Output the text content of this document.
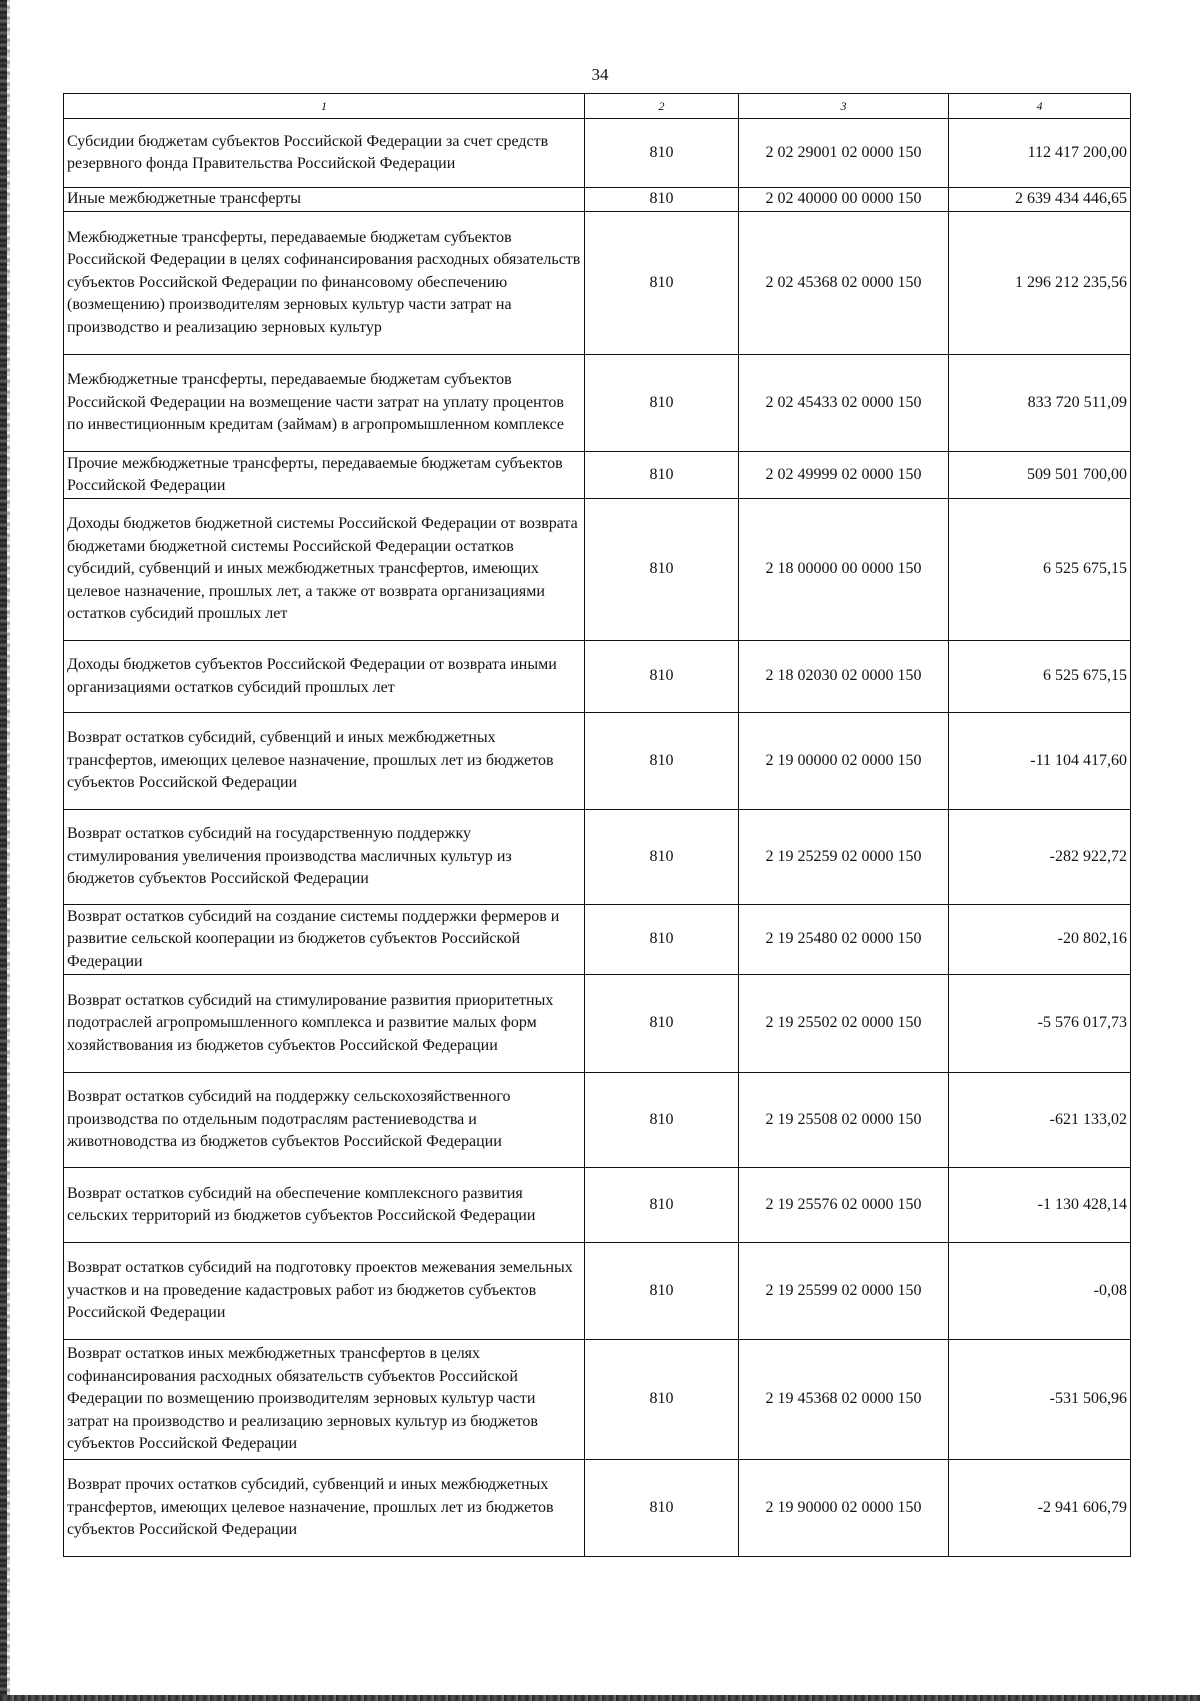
34
1	2	3	4
Субсидии бюджетам субъектов Российской Федерации за счет средств резервного фонда Правительства Российской Федерации	810	2 02 29001 02 0000 150	112 417 200,00
Иные межбюджетные трансферты	810	2 02 40000 00 0000 150	2 639 434 446,65
Межбюджетные трансферты, передаваемые бюджетам субъектов Российской Федерации в целях софинансирования расходных обязательств субъектов Российской Федерации по финансовому обеспечению (возмещению) производителям зерновых культур части затрат на производство и реализацию зерновых культур	810	2 02 45368 02 0000 150	1 296 212 235,56
Межбюджетные трансферты, передаваемые бюджетам субъектов Российской Федерации на возмещение части затрат на уплату процентов по инвестиционным кредитам (займам) в агропромышленном комплексе	810	2 02 45433 02 0000 150	833 720 511,09
Прочие межбюджетные трансферты, передаваемые бюджетам субъектов Российской Федерации	810	2 02 49999 02 0000 150	509 501 700,00
Доходы бюджетов бюджетной системы Российской Федерации от возврата бюджетами бюджетной системы Российской Федерации остатков субсидий, субвенций и иных межбюджетных трансфертов, имеющих целевое назначение, прошлых лет, а также от возврата организациями остатков субсидий прошлых лет	810	2 18 00000 00 0000 150	6 525 675,15
Доходы бюджетов субъектов Российской Федерации от возврата иными организациями остатков субсидий прошлых лет	810	2 18 02030 02 0000 150	6 525 675,15
Возврат остатков субсидий, субвенций и иных межбюджетных трансфертов, имеющих целевое назначение, прошлых лет из бюджетов субъектов Российской Федерации	810	2 19 00000 02 0000 150	-11 104 417,60
Возврат остатков субсидий на государственную поддержку стимулирования увеличения производства масличных культур из бюджетов субъектов Российской Федерации	810	2 19 25259 02 0000 150	-282 922,72
Возврат остатков субсидий на создание системы поддержки фермеров и развитие сельской кооперации из бюджетов субъектов Российской Федерации	810	2 19 25480 02 0000 150	-20 802,16
Возврат остатков субсидий на стимулирование развития приоритетных подотраслей агропромышленного комплекса и развитие малых форм хозяйствования из бюджетов субъектов Российской Федерации	810	2 19 25502 02 0000 150	-5 576 017,73
Возврат остатков субсидий на поддержку сельскохозяйственного производства по отдельным подотраслям растениеводства и животноводства из бюджетов субъектов Российской Федерации	810	2 19 25508 02 0000 150	-621 133,02
Возврат остатков субсидий на обеспечение комплексного развития сельских территорий из бюджетов субъектов Российской Федерации	810	2 19 25576 02 0000 150	-1 130 428,14
Возврат остатков субсидий на подготовку проектов межевания земельных участков и на проведение кадастровых работ из бюджетов субъектов Российской Федерации	810	2 19 25599 02 0000 150	-0,08
Возврат остатков иных межбюджетных трансфертов в целях софинансирования расходных обязательств субъектов Российской Федерации по возмещению производителям зерновых культур части затрат на производство и реализацию зерновых культур из бюджетов субъектов Российской Федерации	810	2 19 45368 02 0000 150	-531 506,96
Возврат прочих остатков субсидий, субвенций и иных межбюджетных трансфертов, имеющих целевое назначение, прошлых лет из бюджетов субъектов Российской Федерации	810	2 19 90000 02 0000 150	-2 941 606,79
